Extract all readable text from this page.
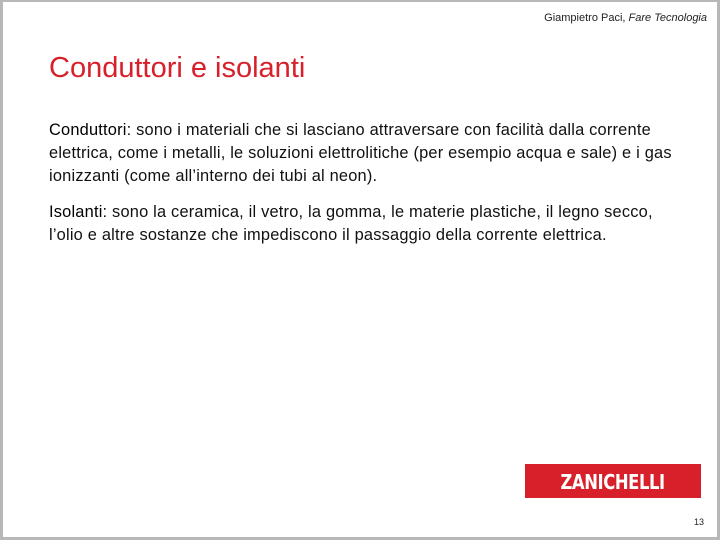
Giampietro Paci, Fare Tecnologia
Conduttori e isolanti

Conduttori: sono i materiali che si lasciano attraversare con facilità dalla corrente elettrica, come i metalli, le soluzioni elettrolitiche (per esempio acqua e sale) e i gas ionizzanti (come all’interno dei tubi al neon).

Isolanti: sono la ceramica, il vetro, la gomma, le materie plastiche, il legno secco, l’olio e altre sostanze che impediscono il passaggio della corrente elettrica.

ZANICHELLI
13
